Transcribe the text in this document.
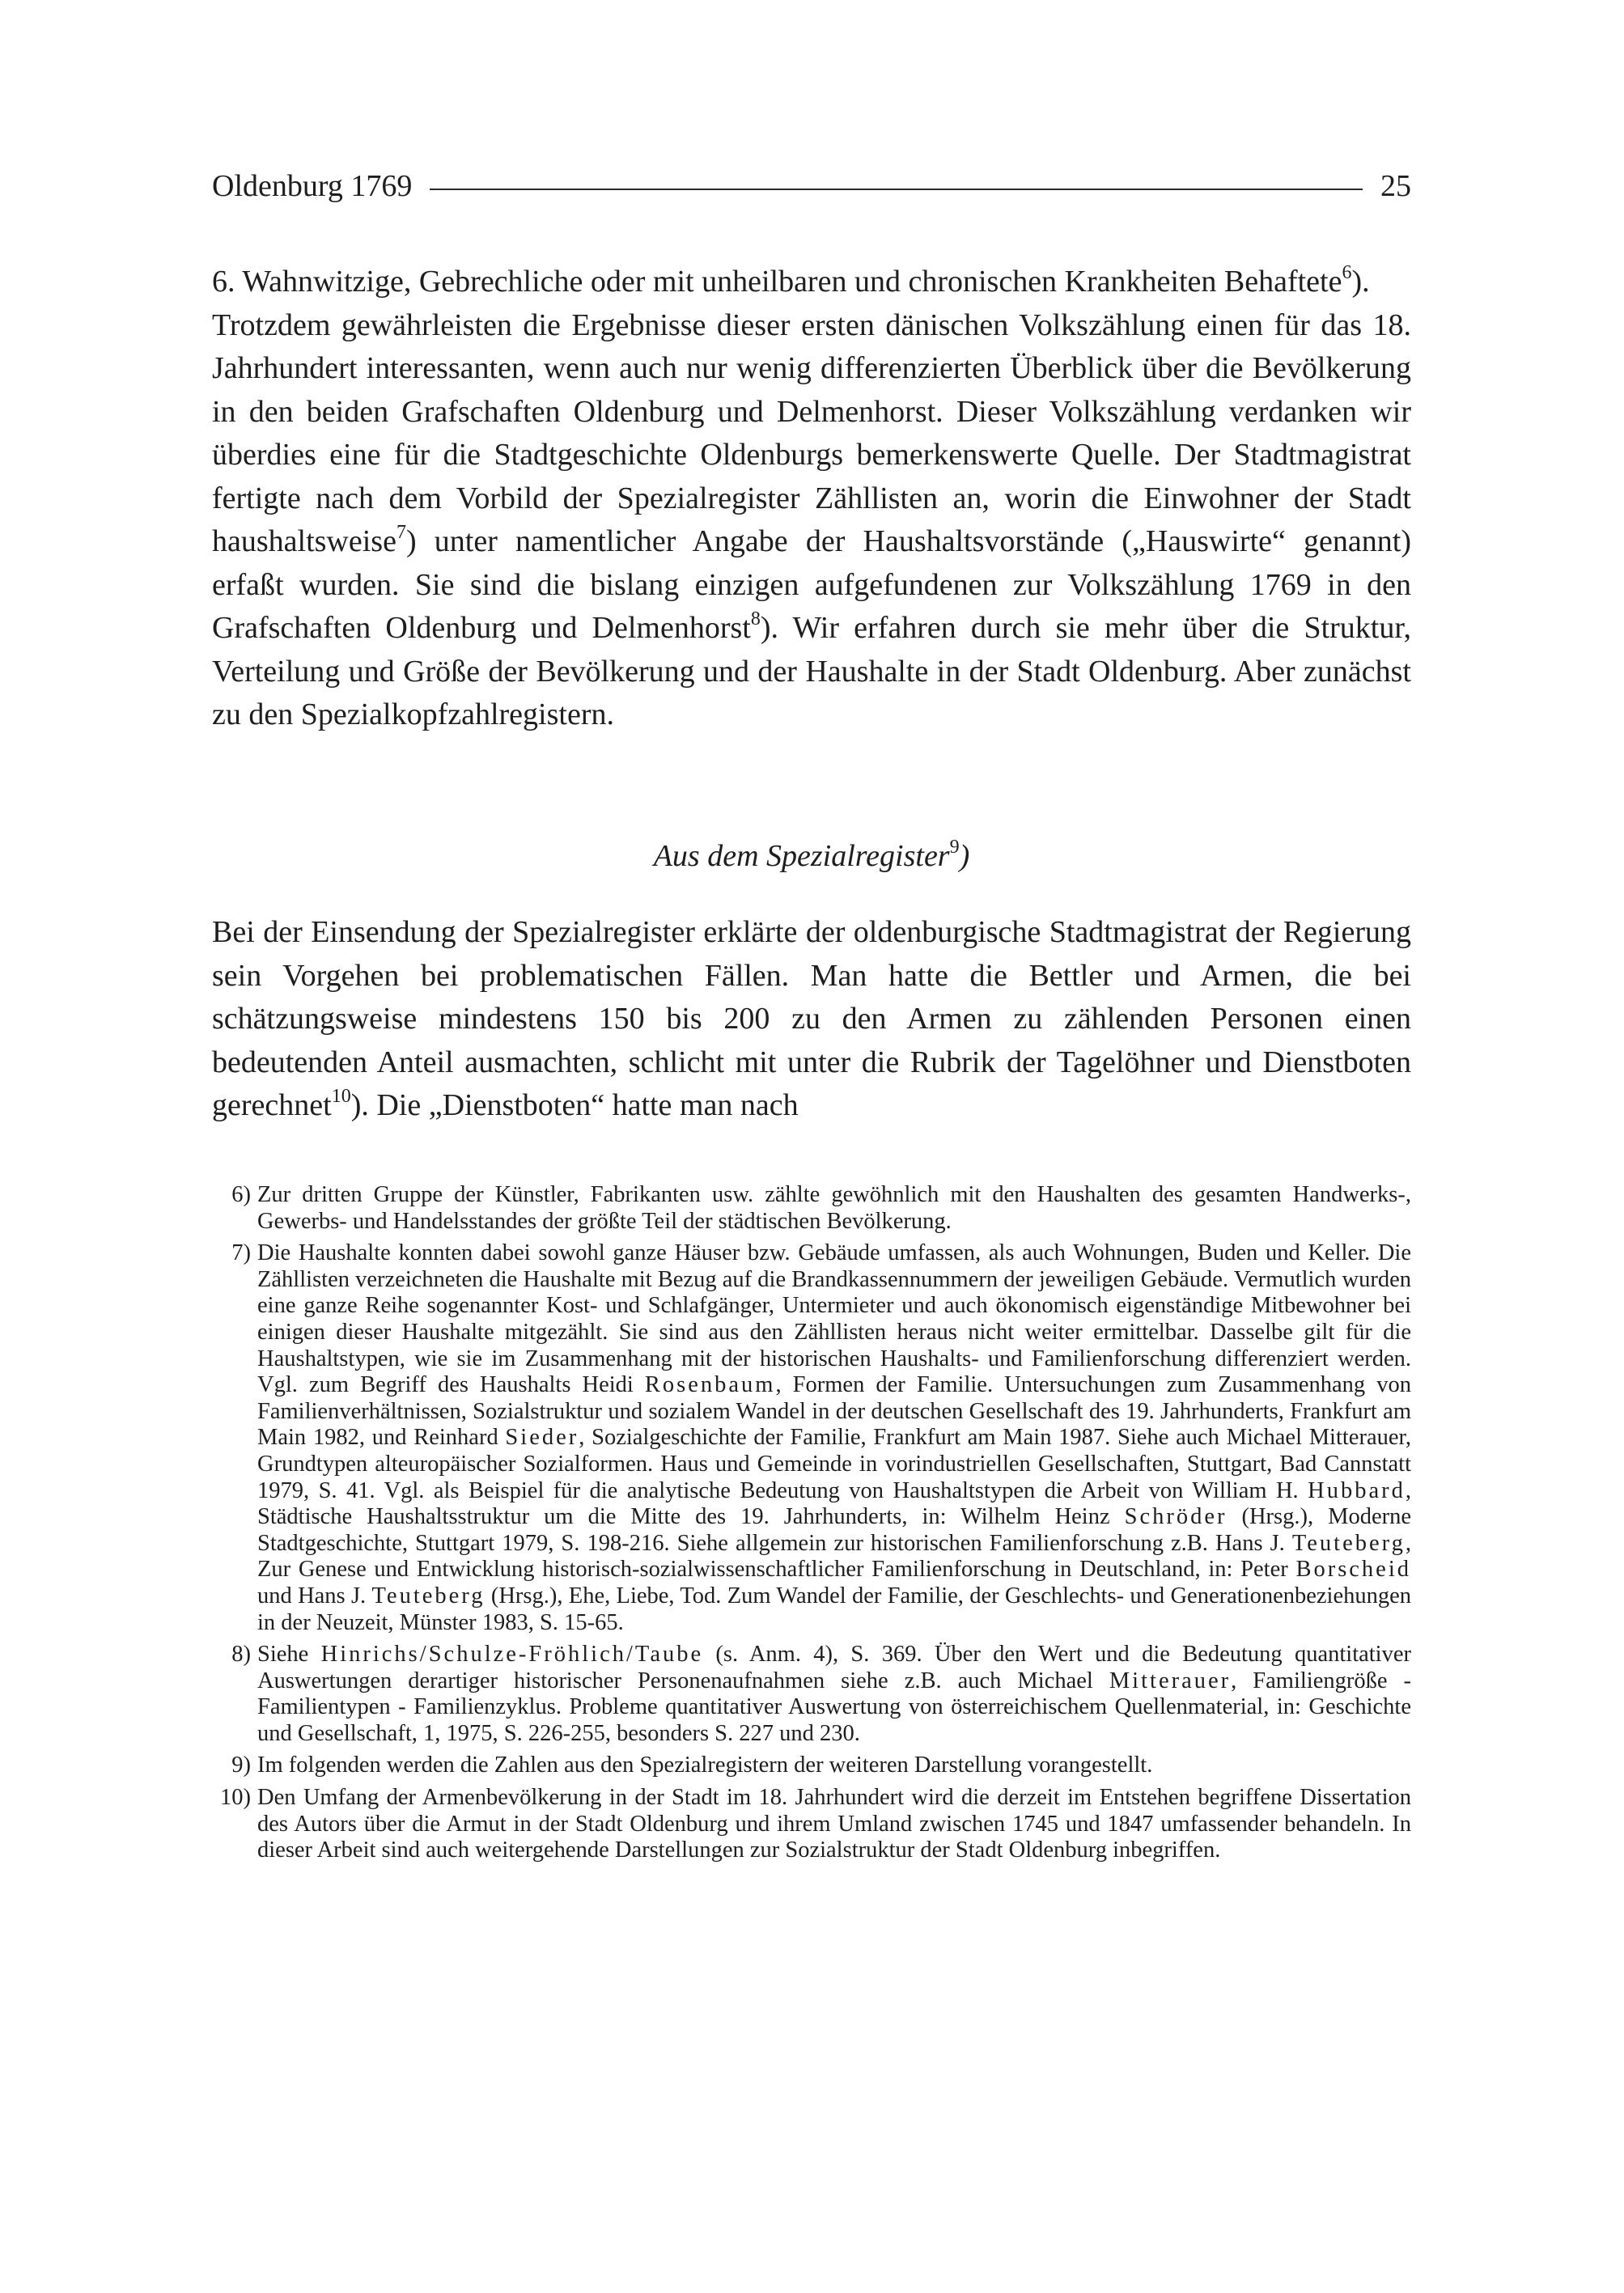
Oldenburg 1769	25

6. Wahnwitzige, Gebrechliche oder mit unheilbaren und chronischen Krankheiten Behaftete$^6$).

Trotzdem gewährleisten die Ergebnisse dieser ersten dänischen Volkszählung einen für das 18. Jahrhundert interessanten, wenn auch nur wenig differenzierten Überblick über die Bevölkerung in den beiden Grafschaften Oldenburg und Delmenhorst. Dieser Volkszählung verdanken wir überdies eine für die Stadtgeschichte Oldenburgs bemerkenswerte Quelle. Der Stadtmagistrat fertigte nach dem Vorbild der Spezialregister Zähllisten an, worin die Einwohner der Stadt haushaltsweise$^7$) unter namentlicher Angabe der Haushaltsvorstände („Hauswirte“ genannt) erfaßt wurden. Sie sind die bislang einzigen aufgefundenen zur Volkszählung 1769 in den Grafschaften Oldenburg und Delmenhorst$^8$). Wir erfahren durch sie mehr über die Struktur, Verteilung und Größe der Bevölkerung und der Haushalte in der Stadt Oldenburg. Aber zunächst zu den Spezialkopfzahlregistern.

Aus dem Spezialregister$^9$)

Bei der Einsendung der Spezialregister erklärte der oldenburgische Stadtmagistrat der Regierung sein Vorgehen bei problematischen Fällen. Man hatte die Bettler und Armen, die bei schätzungsweise mindestens 150 bis 200 zu den Armen zu zählenden Personen einen bedeutenden Anteil ausmachten, schlicht mit unter die Rubrik der Tagelöhner und Dienstboten gerechnet$^{10}$). Die „Dienstboten“ hatte man nach

6) Zur dritten Gruppe der Künstler, Fabrikanten usw. zählte gewöhnlich mit den Haushalten des gesamten Handwerks-, Gewerbs- und Handelsstandes der größte Teil der städtischen Bevölkerung.
7) Die Haushalte konnten dabei sowohl ganze Häuser bzw. Gebäude umfassen, als auch Wohnungen, Buden und Keller. Die Zähllisten verzeichneten die Haushalte mit Bezug auf die Brandkassennummern der jeweiligen Gebäude. Vermutlich wurden eine ganze Reihe sogenannter Kost- und Schlafgänger, Untermieter und auch ökonomisch eigenständige Mitbewohner bei einigen dieser Haushalte mitgezählt. Sie sind aus den Zähllisten heraus nicht weiter ermittelbar. Dasselbe gilt für die Haushaltstypen, wie sie im Zusammenhang mit der historischen Haushalts- und Familienforschung differenziert werden. Vgl. zum Begriff des Haushalts Heidi Rosenbaum, Formen der Familie. Untersuchungen zum Zusammenhang von Familienverhältnissen, Sozialstruktur und sozialem Wandel in der deutschen Gesellschaft des 19. Jahrhunderts, Frankfurt am Main 1982, und Reinhard Sieder, Sozialgeschichte der Familie, Frankfurt am Main 1987. Siehe auch Michael Mitterauer, Grundtypen alteuropäischer Sozialformen. Haus und Gemeinde in vorindustriellen Gesellschaften, Stuttgart, Bad Cannstatt 1979, S. 41. Vgl. als Beispiel für die analytische Bedeutung von Haushaltstypen die Arbeit von William H. Hubbard, Städtische Haushaltsstruktur um die Mitte des 19. Jahrhunderts, in: Wilhelm Heinz Schröder (Hrsg.), Moderne Stadtgeschichte, Stuttgart 1979, S. 198-216. Siehe allgemein zur historischen Familienforschung z.B. Hans J. Teuteberg, Zur Genese und Entwicklung historisch-sozialwissenschaftlicher Familienforschung in Deutschland, in: Peter Borscheid und Hans J. Teuteberg (Hrsg.), Ehe, Liebe, Tod. Zum Wandel der Familie, der Geschlechts- und Generationenbeziehungen in der Neuzeit, Münster 1983, S. 15-65.
8) Siehe Hinrichs/Schulze-Fröhlich/Taube (s. Anm. 4), S. 369. Über den Wert und die Bedeutung quantitativer Auswertungen derartiger historischer Personenaufnahmen siehe z.B. auch Michael Mitterauer, Familiengröße - Familientypen - Familienzyklus. Probleme quantitativer Auswertung von österreichischem Quellenmaterial, in: Geschichte und Gesellschaft, 1, 1975, S. 226-255, besonders S. 227 und 230.
9) Im folgenden werden die Zahlen aus den Spezialregistern der weiteren Darstellung vorangestellt.
10) Den Umfang der Armenbevölkerung in der Stadt im 18. Jahrhundert wird die derzeit im Entstehen begriffene Dissertation des Autors über die Armut in der Stadt Oldenburg und ihrem Umland zwischen 1745 und 1847 umfassender behandeln. In dieser Arbeit sind auch weitergehende Darstellungen zur Sozialstruktur der Stadt Oldenburg inbegriffen.
